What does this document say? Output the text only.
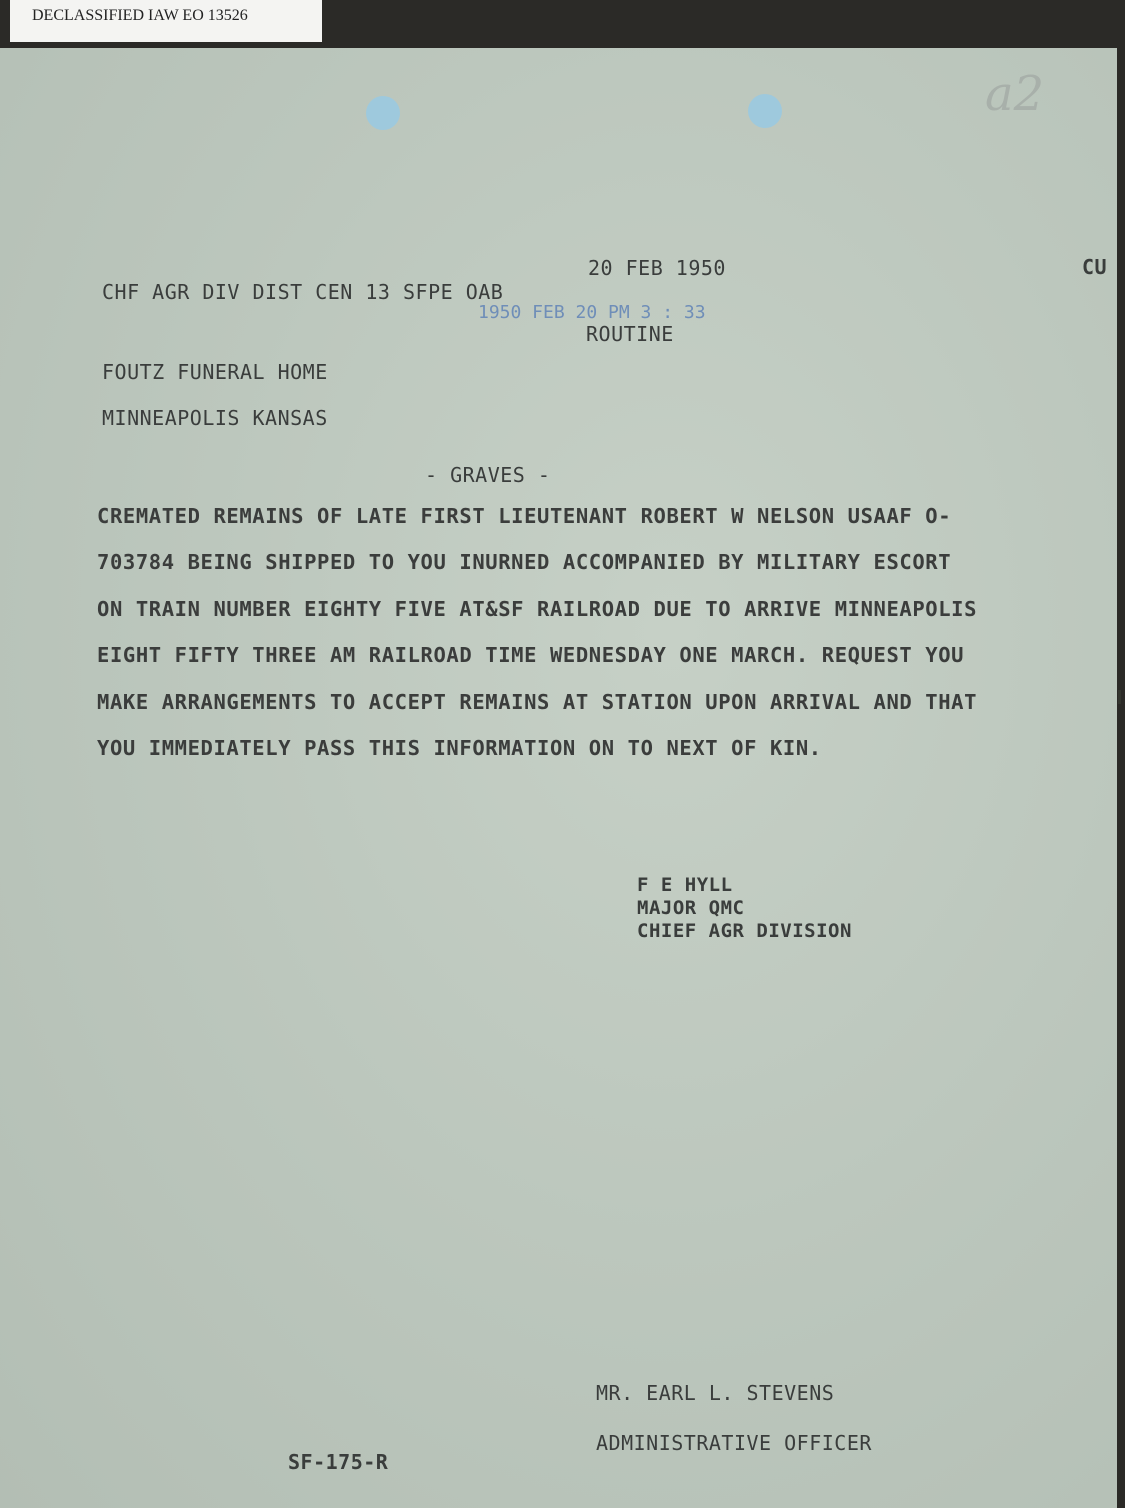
DECLASSIFIED IAW EO 13526
a2
20 FEB 1950	CU
CHF AGR DIV DIST CEN 13 SFPE OAB
1950 FEB 20 PM 3 : 33
ROUTINE
FOUTZ FUNERAL HOME
MINNEAPOLIS KANSAS
- GRAVES -
CREMATED REMAINS OF LATE FIRST LIEUTENANT ROBERT W NELSON USAAF O-
703784 BEING SHIPPED TO YOU INURNED ACCOMPANIED BY MILITARY ESCORT
ON TRAIN NUMBER EIGHTY FIVE AT&SF RAILROAD DUE TO ARRIVE MINNEAPOLIS
EIGHT FIFTY THREE AM RAILROAD TIME WEDNESDAY ONE MARCH. REQUEST YOU
MAKE ARRANGEMENTS TO ACCEPT REMAINS AT STATION UPON ARRIVAL AND THAT
YOU IMMEDIATELY PASS THIS INFORMATION ON TO NEXT OF KIN.
F E HYLL
MAJOR QMC
CHIEF AGR DIVISION
MR. EARL L. STEVENS
ADMINISTRATIVE OFFICER
SF-175-R
